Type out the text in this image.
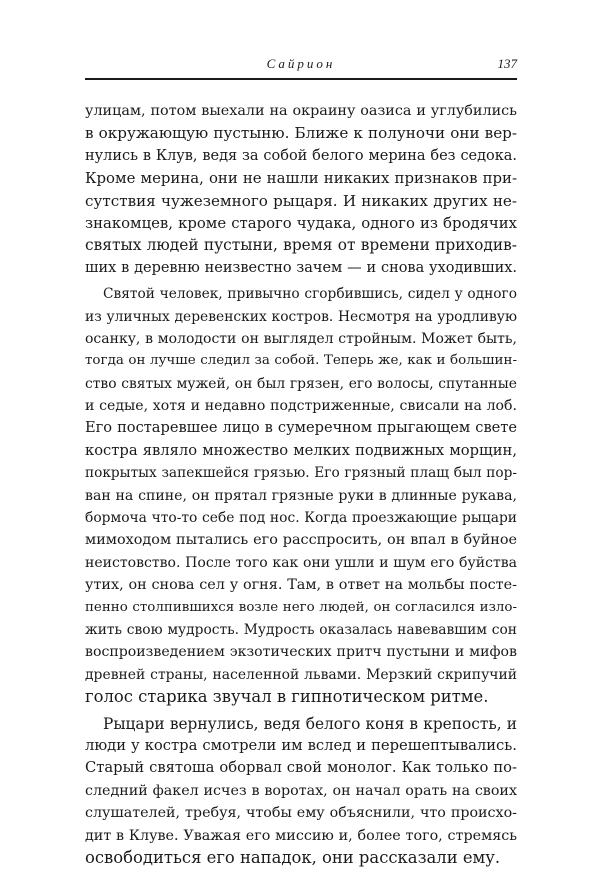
Сайрион	137
улицам, потом выехали на окраину оазиса и углубились
в окружающую пустыню. Ближе к полуночи они вер-
нулись в Клув, ведя за собой белого мерина без седока.
Кроме мерина, они не нашли никаких признаков при-
сутствия чужеземного рыцаря. И никаких других не-
знакомцев, кроме старого чудака, одного из бродячих
святых людей пустыни, время от времени приходив-
ших в деревню неизвестно зачем — и снова уходивших.
Святой человек, привычно сгорбившись, сидел у одного
из уличных деревенских костров. Несмотря на уродливую
осанку, в молодости он выглядел стройным. Может быть,
тогда он лучше следил за собой. Теперь же, как и большин-
ство святых мужей, он был грязен, его волосы, спутанные
и седые, хотя и недавно подстриженные, свисали на лоб.
Его постаревшее лицо в сумеречном прыгающем свете
костра являло множество мелких подвижных морщин,
покрытых запекшейся грязью. Его грязный плащ был пор-
ван на спине, он прятал грязные руки в длинные рукава,
бормоча что-то себе под нос. Когда проезжающие рыцари
мимоходом пытались его расспросить, он впал в буйное
неистовство. После того как они ушли и шум его буйства
утих, он снова сел у огня. Там, в ответ на мольбы посте-
пенно столпившихся возле него людей, он согласился изло-
жить свою мудрость. Мудрость оказалась навевавшим сон
воспроизведением экзотических притч пустыни и мифов
древней страны, населенной львами. Мерзкий скрипучий
голос старика звучал в гипнотическом ритме.
Рыцари вернулись, ведя белого коня в крепость, и
люди у костра смотрели им вслед и перешептывались.
Старый святоша оборвал свой монолог. Как только по-
следний факел исчез в воротах, он начал орать на своих
слушателей, требуя, чтобы ему объяснили, что происхо-
дит в Клуве. Уважая его миссию и, более того, стремясь
освободиться его нападок, они рассказали ему.
